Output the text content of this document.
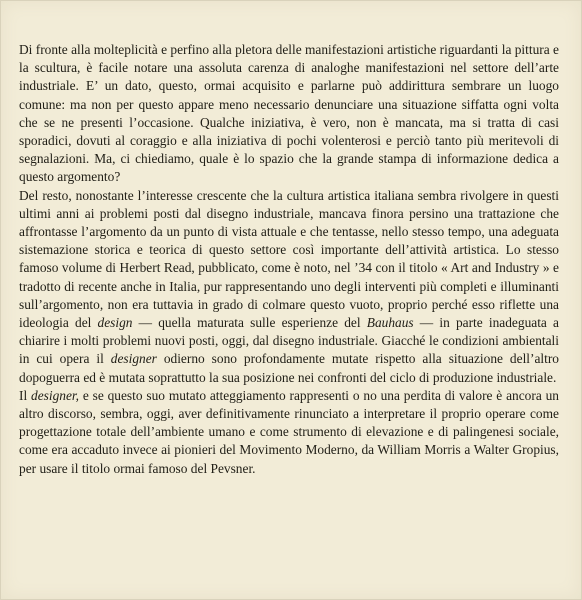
Di fronte alla molteplicità e perfino alla pletora delle manifestazioni artistiche riguardanti la pittura e la scultura, è facile notare una assoluta carenza di analoghe manifestazioni nel settore dell’arte industriale. E’ un dato, questo, ormai acquisito e parlarne può addirittura sembrare un luogo comune: ma non per questo appare meno necessario denunciare una situazione siffatta ogni volta che se ne presenti l’occasione. Qualche iniziativa, è vero, non è mancata, ma si tratta di casi sporadici, dovuti al coraggio e alla iniziativa di pochi volenterosi e perciò tanto più meritevoli di segnalazioni. Ma, ci chiediamo, quale è lo spazio che la grande stampa di informazione dedica a questo argomento?

Del resto, nonostante l’interesse crescente che la cultura artistica italiana sembra rivolgere in questi ultimi anni ai problemi posti dal disegno industriale, mancava finora persino una trattazione che affrontasse l’argomento da un punto di vista attuale e che tentasse, nello stesso tempo, una adeguata sistemazione storica e teorica di questo settore così importante dell’attività artistica. Lo stesso famoso volume di Herbert Read, pubblicato, come è noto, nel ’34 con il titolo « Art and Industry » e tradotto di recente anche in Italia, pur rappresentando uno degli interventi più completi e illuminanti sull’argomento, non era tuttavia in grado di colmare questo vuoto, proprio perché esso riflette una ideologia del design — quella maturata sulle esperienze del Bauhaus — in parte inadeguata a chiarire i molti problemi nuovi posti, oggi, dal disegno industriale. Giacché le condizioni ambientali in cui opera il designer odierno sono profondamente mutate rispetto alla situazione dell’altro dopoguerra ed è mutata soprattutto la sua posizione nei confronti del ciclo di produzione industriale.

Il designer, e se questo suo mutato atteggiamento rappresenti o no una perdita di valore è ancora un altro discorso, sembra, oggi, aver definitivamente rinunciato a interpretare il proprio operare come progettazione totale dell’ambiente umano e come strumento di elevazione e di palingenesi sociale, come era accaduto invece ai pionieri del Movimento Moderno, da William Morris a Walter Gropius, per usare il titolo ormai famoso del Pevsner.
